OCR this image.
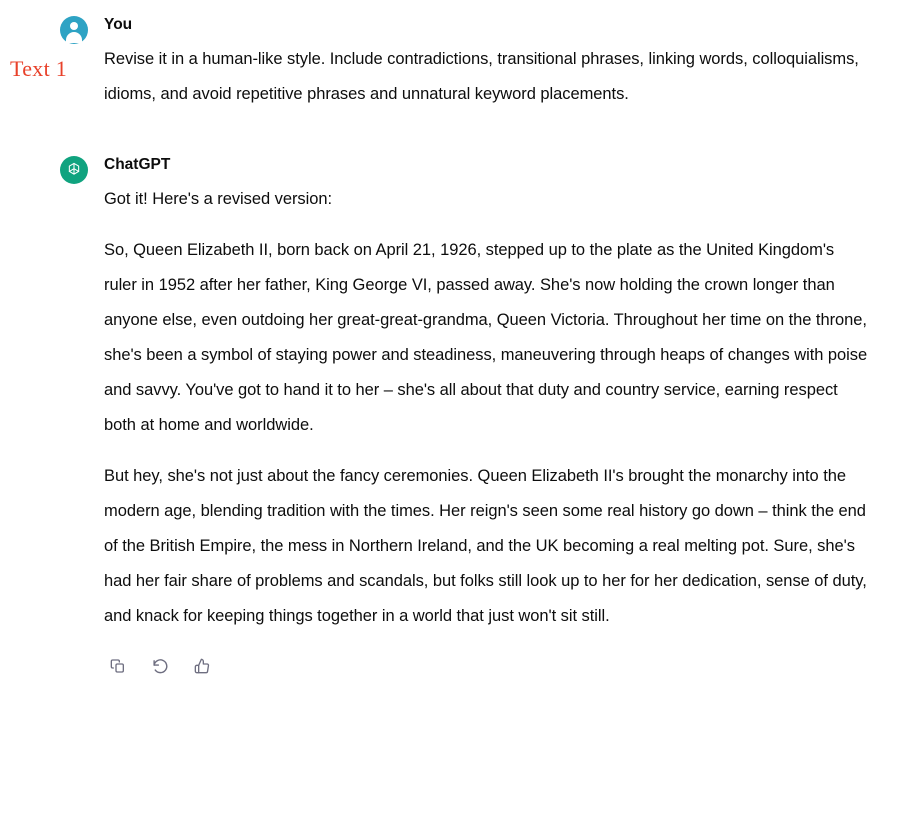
Text 1
You

Revise it in a human-like style. Include contradictions, transitional phrases, linking words, colloquialisms, idioms, and avoid repetitive phrases and unnatural keyword placements.

ChatGPT

Got it! Here's a revised version:

So, Queen Elizabeth II, born back on April 21, 1926, stepped up to the plate as the United Kingdom's ruler in 1952 after her father, King George VI, passed away. She's now holding the crown longer than anyone else, even outdoing her great-great-grandma, Queen Victoria. Throughout her time on the throne, she's been a symbol of staying power and steadiness, maneuvering through heaps of changes with poise and savvy. You've got to hand it to her – she's all about that duty and country service, earning respect both at home and worldwide.

But hey, she's not just about the fancy ceremonies. Queen Elizabeth II's brought the monarchy into the modern age, blending tradition with the times. Her reign's seen some real history go down – think the end of the British Empire, the mess in Northern Ireland, and the UK becoming a real melting pot. Sure, she's had her fair share of problems and scandals, but folks still look up to her for her dedication, sense of duty, and knack for keeping things together in a world that just won't sit still.
